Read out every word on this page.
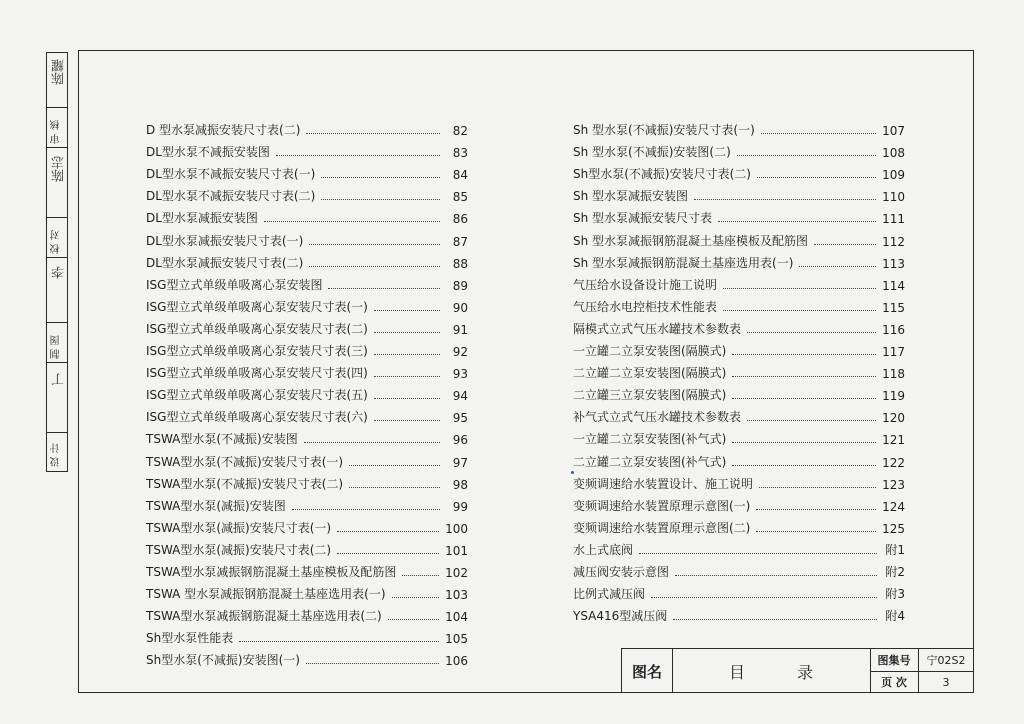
陈耀
审核
陈志
校对
李
制图
丁
设计
D 型水泵减振安装尺寸表(二)	82
DL型水泵不减振安装图	83
DL型水泵不减振安装尺寸表(一)	84
DL型水泵不减振安装尺寸表(二)	85
DL型水泵减振安装图	86
DL型水泵减振安装尺寸表(一)	87
DL型水泵减振安装尺寸表(二)	88
ISG型立式单级单吸离心泵安装图	89
ISG型立式单级单吸离心泵安装尺寸表(一)	90
ISG型立式单级单吸离心泵安装尺寸表(二)	91
ISG型立式单级单吸离心泵安装尺寸表(三)	92
ISG型立式单级单吸离心泵安装尺寸表(四)	93
ISG型立式单级单吸离心泵安装尺寸表(五)	94
ISG型立式单级单吸离心泵安装尺寸表(六)	95
TSWA型水泵(不减振)安装图	96
TSWA型水泵(不减振)安装尺寸表(一)	97
TSWA型水泵(不减振)安装尺寸表(二)	98
TSWA型水泵(减振)安装图	99
TSWA型水泵(减振)安装尺寸表(一)	100
TSWA型水泵(减振)安装尺寸表(二)	101
TSWA型水泵减振钢筋混凝土基座模板及配筋图	102
TSWA 型水泵减振钢筋混凝土基座选用表(一)	103
TSWA型水泵减振钢筋混凝土基座选用表(二)	104
Sh型水泵性能表	105
Sh型水泵(不减振)安装图(一)	106
Sh 型水泵(不减振)安装尺寸表(一)	107
Sh 型水泵(不减振)安装图(二)	108
Sh型水泵(不减振)安装尺寸表(二)	109
Sh 型水泵减振安装图	110
Sh 型水泵减振安装尺寸表	111
Sh 型水泵减振钢筋混凝土基座模板及配筋图	112
Sh 型水泵减振钢筋混凝土基座选用表(一)	113
气压给水设备设计施工说明	114
气压给水电控柜技术性能表	115
隔模式立式气压水罐技术参数表	116
一立罐二立泵安装图(隔膜式)	117
二立罐二立泵安装图(隔膜式)	118
二立罐三立泵安装图(隔膜式)	119
补气式立式气压水罐技术参数表	120
一立罐二立泵安装图(补气式)	121
二立罐二立泵安装图(补气式)	122
变频调速给水装置设计、施工说明	123
变频调速给水装置原理示意图(一)	124
变频调速给水装置原理示意图(二)	125
水上式底阀	附1
减压阀安装示意图	附2
比例式减压阀	附3
YSA416型减压阀	附4
图名	目	录
图集号	宁02S2
页 次	3
